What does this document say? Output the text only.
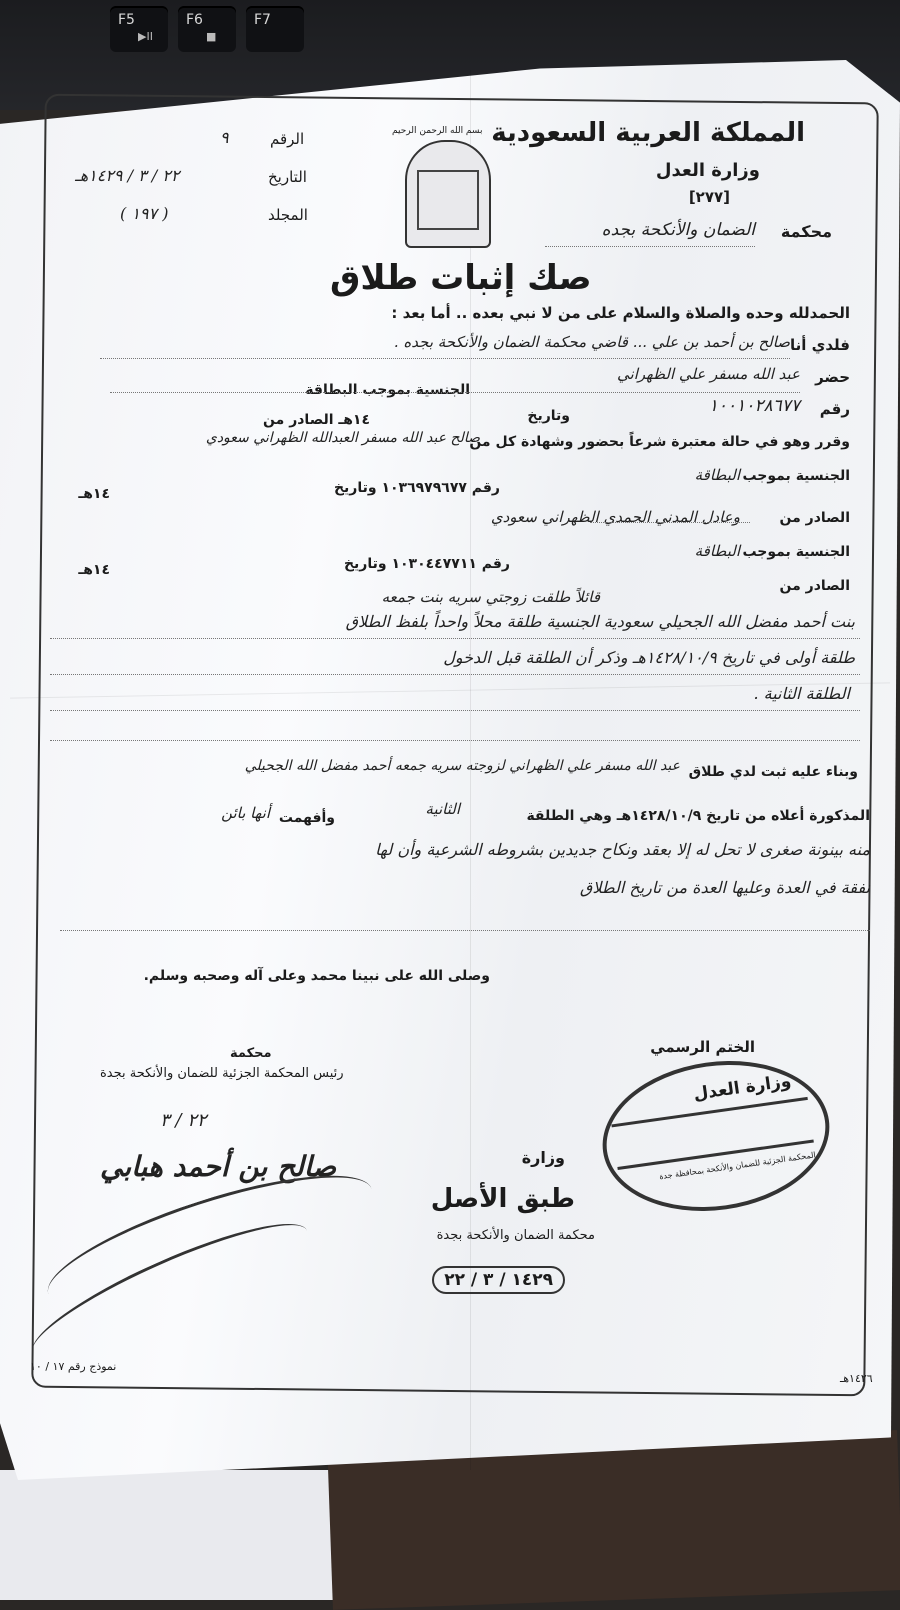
F5
▶II
F6
■
F7
المملكة العربية السعودية
وزارة العدل
[٢٧٧]
محكمة
الضمان والأنكحة بجده
بسم الله الرحمن الرحيم
الرقم
٩
التاريخ
٢٢ / ٣ / ١٤٢٩هـ
المجلد
( ١٩٧ )
صك إثبات طلاق
الحمدلله وحده والصلاة والسلام على من لا نبي بعده .. أما بعد :
فلدي أنا
صالح بن أحمد بن علي ... قاضي محكمة الضمان والأنكحة بجده .
حضر
عبد الله مسفر علي الظهراني
الجنسية بموجب البطاقة
رقم
١٠٠١٠٢٨٦٧٧
وتاريخ
١٤هـ الصادر من
وقرر وهو في حالة معتبرة شرعاً بحضور وشهادة كل من
صالح عبد الله مسفر العبدالله الظهراني سعودي
الجنسية بموجب
البطاقة
رقم ١٠٣٦٩٧٩٦٧٧ وتاريخ
١٤هـ
الصادر من
وعادل المدني الحمدي الظهراني سعودي
الجنسية بموجب
البطاقة
رقم ١٠٣٠٤٤٧٧١١ وتاريخ
١٤هـ
الصادر من
قائلاً طلقت زوجتي سريه بنت جمعه
بنت أحمد مفضل الله الجحيلي سعودية الجنسية طلقة محلاً واحداً بلفظ الطلاق
طلقة أولى في تاريخ ١٤٢٨/١٠/٩هـ وذكر أن الطلقة قبل الدخول
الطلقة الثانية .
وبناء عليه ثبت لدي طلاق
عبد الله مسفر علي الظهراني لزوجته سريه جمعه أحمد مفضل الله الجحيلي
المذكورة أعلاه من تاريخ ١٤٢٨/١٠/٩هـ وهي الطلقة
الثانية
وأفهمت
أنها بائن
منه بينونة صغرى لا تحل له إلا بعقد ونكاح جديدين بشروطه الشرعية وأن لها
نفقة في العدة وعليها العدة من تاريخ الطلاق
وصلى الله على نبينا محمد وعلى آله وصحبه وسلم.
محكمة
رئيس المحكمة الجزئية للضمان والأنكحة بجدة
٢٢ / ٣
صالح بن أحمد هبابي
الختم الرسمي
وزارة العدل
المحكمة الجزئية للضمان والأنكحة بمحافظة جدة
وزارة
طبق الأصل
محكمة الضمان والأنكحة بجدة
١٤٢٩ / ٣ / ٢٢
نموذج رقم ١٧ / ١٠
١٤٢٦هـ
